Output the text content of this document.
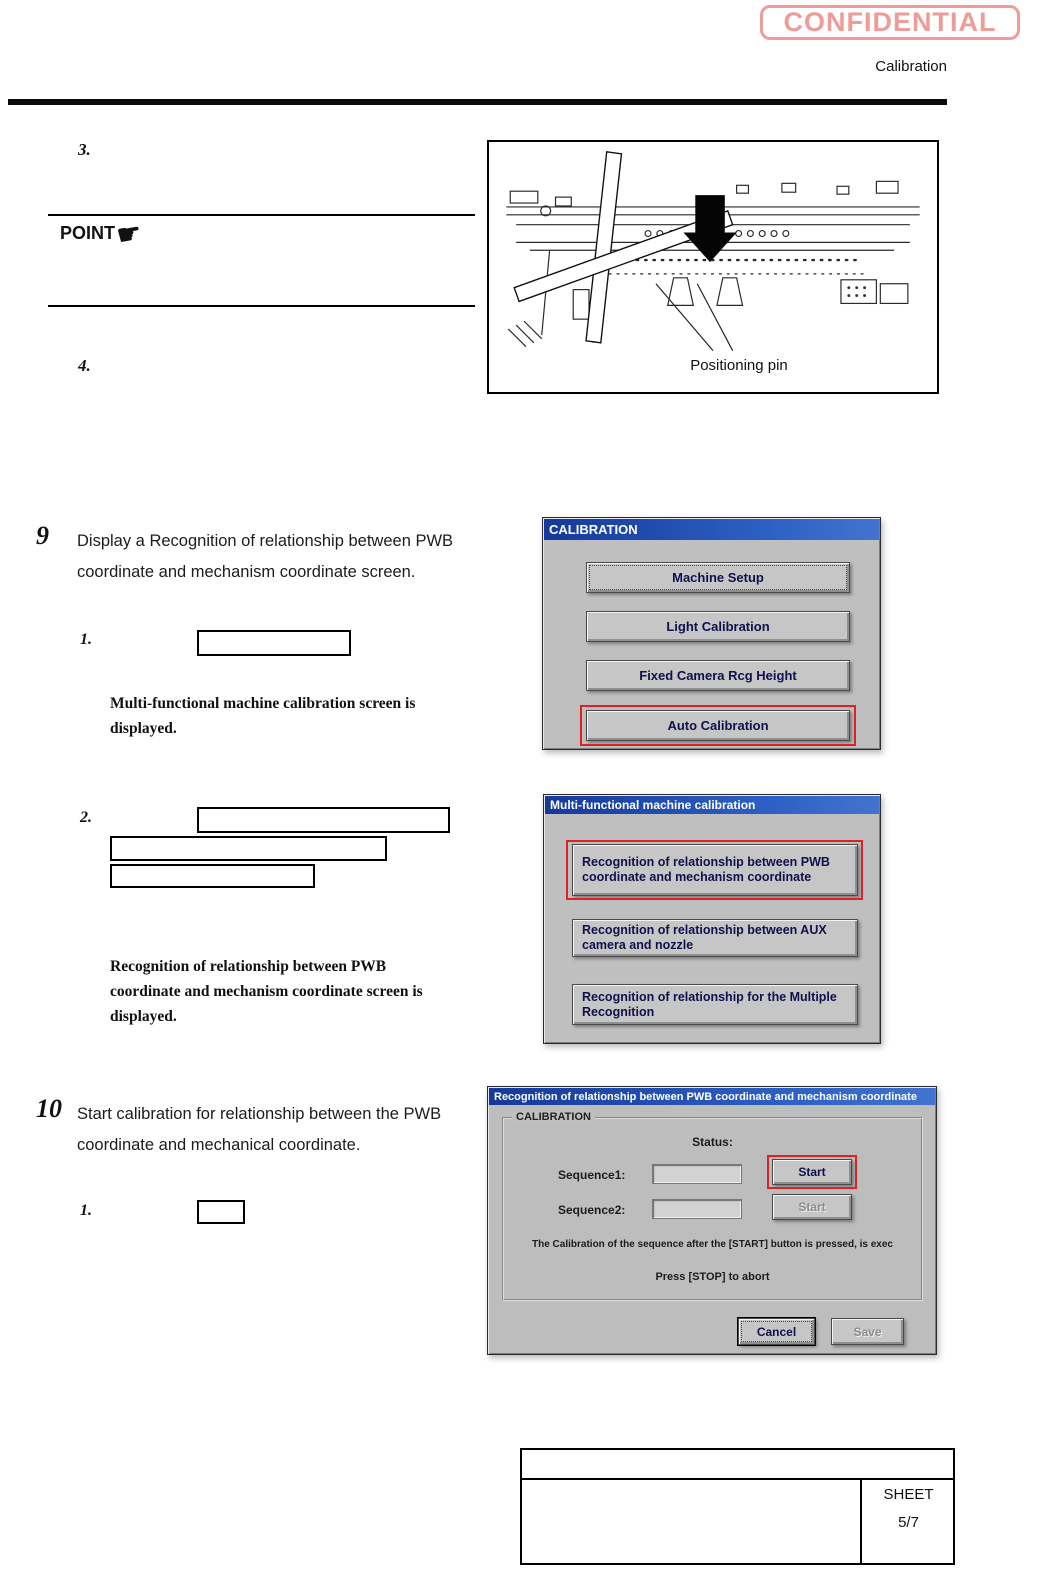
CONFIDENTIAL
Calibration
3.
POINT ☛
Positioning pin
4.
9 Display a Recognition of relationship between PWB coordinate and mechanism coordinate screen.
1.
Multi-functional machine calibration screen is displayed.
CALIBRATION
Machine Setup
Light Calibration
Fixed Camera Rcg Height
Auto Calibration
2.
Recognition of relationship between PWB coordinate and mechanism coordinate screen is displayed.
Multi-functional machine calibration
Recognition of relationship between PWB coordinate and mechanism coordinate
Recognition of relationship between AUX camera and nozzle
Recognition of relationship for the Multiple Recognition
10 Start calibration for relationship between the PWB coordinate and mechanical coordinate.
1.
Recognition of relationship between PWB coordinate and mechanism coordinate
CALIBRATION
Status:
Sequence1:	Start
Sequence2:	Start
The Calibration of the sequence after the [START] button is pressed, is exec
Press [STOP] to abort
Cancel	Save
SHEET
5/7
